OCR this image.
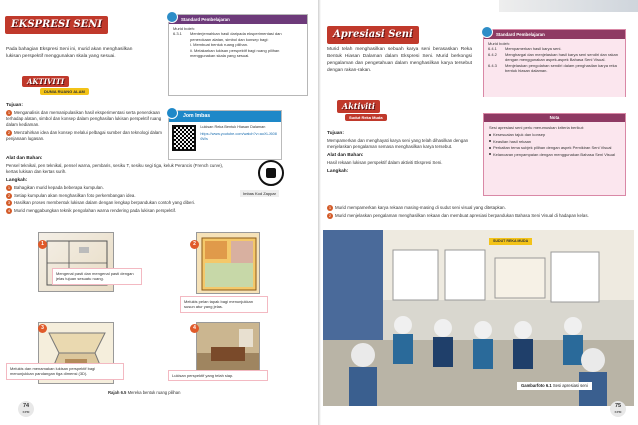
EKSPRESI SENI
Pada bahagian Ekspresi Seni ini, murid akan menghasilkan lukisan perspektif menggunakan skala yang sesuai.
AKTIVITI
DUNIA RUANG ALAM
Standard Pembelajaran
Murid boleh:
6.3.1	Menterjemahkan hasil daripada eksperimentasi dan penerokaan alatan, simbol dan konsep bagi:
i. Membuat bentuk ruang pilihan.
ii. Melakarkan lukisan perspektif bagi ruang pilihan menggunakan skala yang sesuai.
Tujuan:

1 Menganalisis dan memanipulasikan hasil eksperimentasi serta penerokaan terhadap alatan, simbol dan konsep dalam penghasilan lukisan perspektif ruang dalam kediaman.

2 Menzahirkan idea dan konsep melalui pelbagai sumber dan teknologi dalam penjanaan lugasan.

Alat dan Bahan:

Pensel teknikal, pen teknikal, pensel warna, pembaris, sesiku T, sesiku segi tiga, keluk Perancis (French curve), kertas lukisan dan kertas surih.

Langkah:

1 Bahagikan murid kepada beberapa kumpulan.

2 Setiap kumpulan akan menghasilkan foto perkembangan idea.

3 Hasilkan proses membentuk lukisan dalam dengan lengkap berpandukan contoh yang diberi.

4 Murid menggabungkan teknik pengolahan warna rendering pada lukisan perspektif.

Jom Imbas
Lukisan Reka Bentuk Hiasan Dalaman
https://www.youtube.com/watch?v=aoXLJ6086Ws
Imbas Kod Zappar
1
Mengenal pasti dan mengenal pasti dengan jelas tujuan sesuatu ruang.
2
Melukis pelan tapak bagi menunjukkan susun atur yang jelas.
3
Melukis dan menamakan lukisan perspektif bagi menunjukkan pandangan tiga dimensi (3D).
4
Lukisan perspektif yang telah siap.
Rajah 6.5 Mereka bentuk ruang pilihan
74
KPM
Apresiasi Seni
Murid telah menghasilkan sebuah karya seni berasaskan Reka Bentuk Hiasan Dalaman dalam Ekspresi Seni. Murid berkongsi pengalaman dan pengetahuan dalam menghasilkan karya tersebut dengan rakan-rakan.
Standard Pembelajaran
Murid boleh:
6.4.1	Mempamerkan hasil karya seni.
6.4.2	Menghargai dan menjelaskan hasil karya seni sendiri dan rakan dengan menggunakan aspek-aspek Bahasa Seni Visual.
6.4.3	Menjelaskan pengolahan sendiri dalam penghasilan karya reka bentuk hiasan dalaman.
Aktiviti
Sudut Reka Muda
Tujuan:

Mempamerkan dan menghayati karya seni yang telah dihasilkan dengan menjelaskan pengalaman semasa menghasilkan karya tersebut.

Alat dan Bahan:

Hasil rekaan lukisan perspektif dalam aktiviti Ekspresi Seni.

Langkah:

1 Murid mempamerkan karya rekaan masing-masing di sudut seni visual yang ditetapkan.

2 Murid menjelaskan pengalaman menghasilkan rekaan dan membuat apresiasi berpandukan Bahasa Seni Visual di hadapan kelas.

Nota
Sesi apresiasi seni perlu merumuskan kriteria berikut:
Kesesuaian tajuk dan konsep
Keaslian hasil rekaan
Perkaitan tema subjek pilihan dengan aspek Pemikiran Seni Visual
Kelancaran penyampaian dengan menggunakan Bahasa Seni Visual
SUDUT REKA MUDA
Gambarfoto 6.1 Sesi apresiasi seni
75
KPM
